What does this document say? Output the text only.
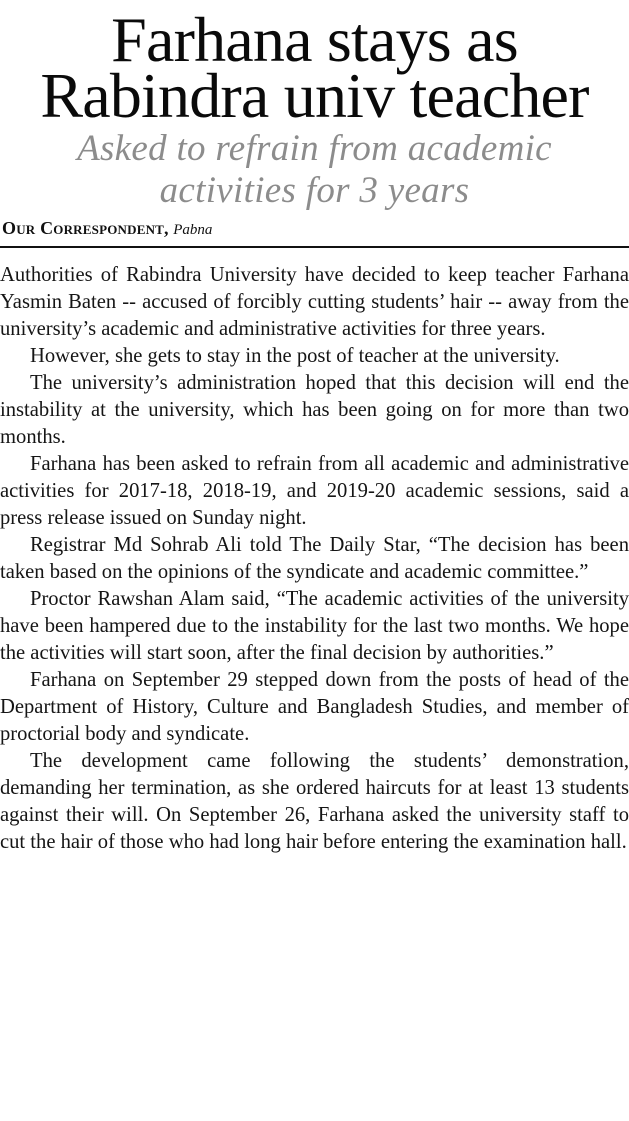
Farhana stays as
Rabindra univ teacher
Asked to refrain from academic
activities for 3 years
Our Correspondent, Pabna

Authorities of Rabindra University have decided to keep teacher Farhana Yasmin Baten -- accused of forcibly cutting students’ hair -- away from the university’s academic and administrative activities for three years.

However, she gets to stay in the post of teacher at the university.

The university’s administration hoped that this decision will end the instability at the university, which has been going on for more than two months.

Farhana has been asked to refrain from all academic and administrative activities for 2017-18, 2018-19, and 2019-20 academic sessions, said a press release issued on Sunday night.

Registrar Md Sohrab Ali told The Daily Star, “The decision has been taken based on the opinions of the syndicate and academic committee.”

Proctor Rawshan Alam said, “The academic activities of the university have been hampered due to the instability for the last two months. We hope the activities will start soon, after the final decision by authorities.”

Farhana on September 29 stepped down from the posts of head of the Department of History, Culture and Bangladesh Studies, and member of proctorial body and syndicate.

The development came following the students’ demonstration, demanding her termination, as she ordered haircuts for at least 13 students against their will. On September 26, Farhana asked the university staff to cut the hair of those who had long hair before entering the examination hall.
